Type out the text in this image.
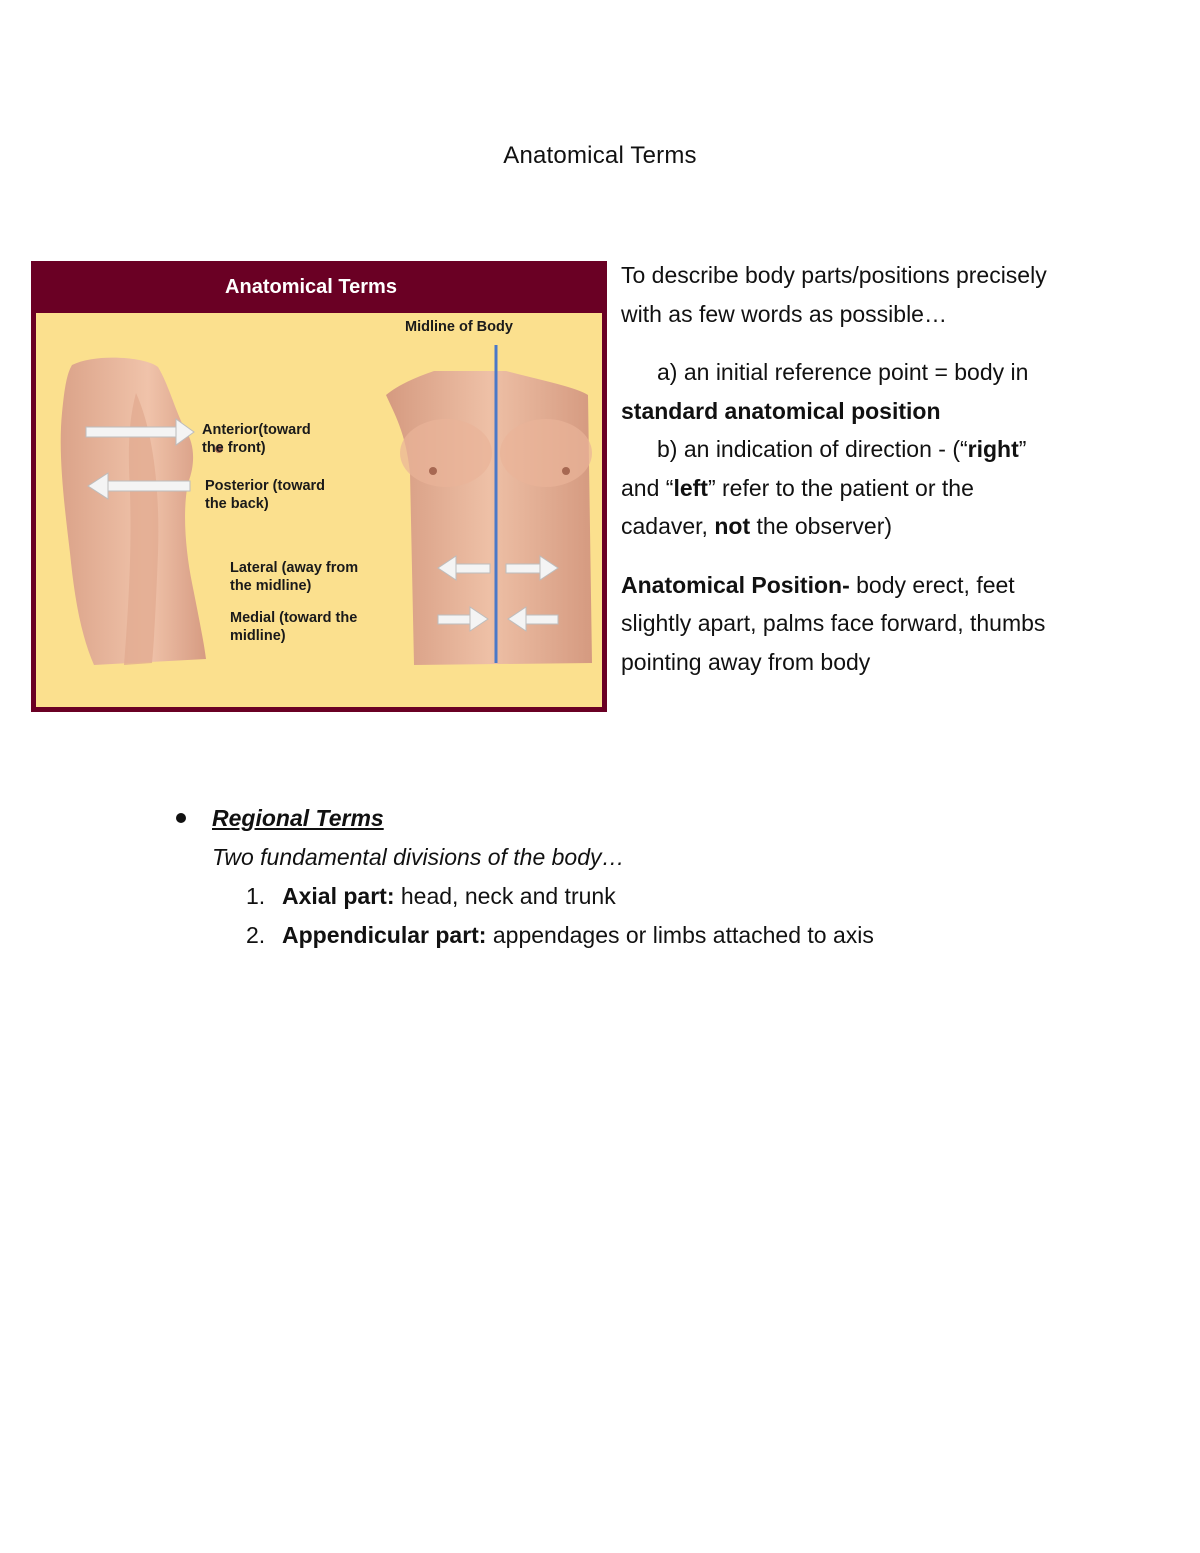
Anatomical Terms
Anatomical Terms
Midline of Body
Anterior(toward
the front)
Posterior (toward
the back)
Lateral (away from
the midline)
Medial (toward the
midline)

To describe body parts/positions precisely with as few words as possible…

a) an initial reference point = body in standard anatomical position

b) an indication of direction - (“right” and “left” refer to the patient or the cadaver, not the observer)

Anatomical Position- body erect, feet slightly apart, palms face forward, thumbs pointing away from body

Regional Terms
Two fundamental divisions of the body…
1. Axial part: head, neck and trunk
2. Appendicular part: appendages or limbs attached to axis
